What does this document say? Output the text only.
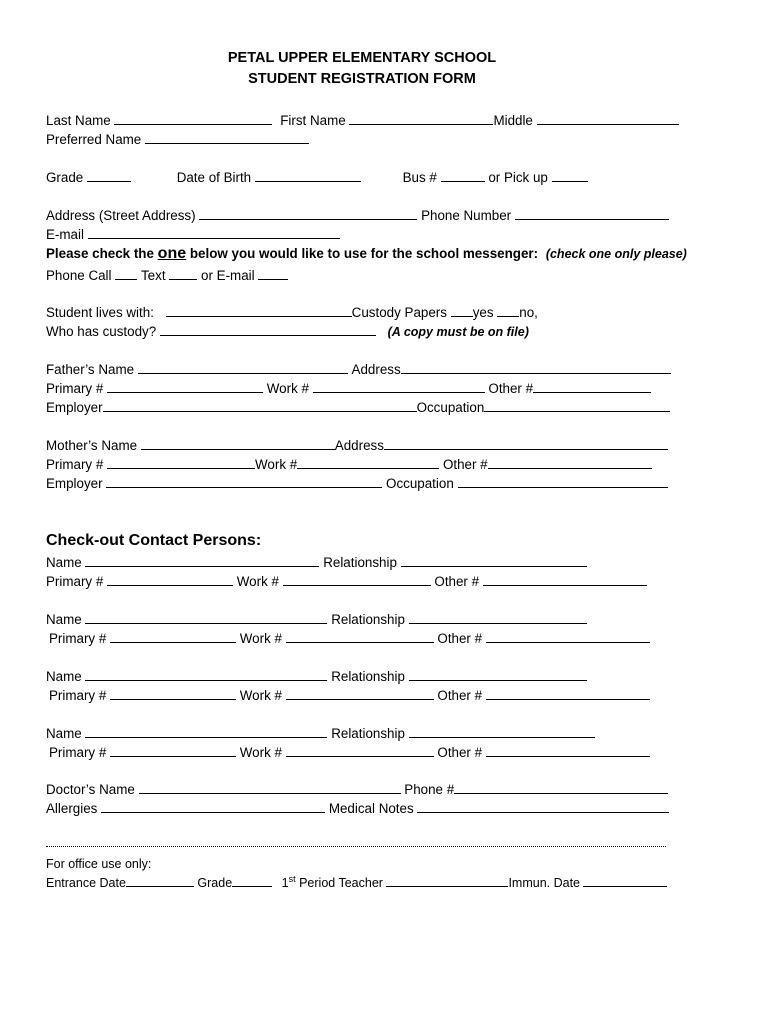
PETAL UPPER ELEMENTARY SCHOOL
STUDENT REGISTRATION FORM
Last Name	First Name	Middle
Preferred Name
Grade	Date of Birth	Bus #	or Pick up
Address (Street Address)	Phone Number
E-mail
Please check the one below you would like to use for the school messenger: (check one only please)
Phone Call Text	or E-mail
Student lives with:	Custody Papers yes no,
Who has custody?	(A copy must be on file)
Father’s Name	Address
Primary #	Work #	Other #
Employer	Occupation
Mother’s Name	Address
Primary #	Work #	Other #
Employer	Occupation
Check-out Contact Persons:
Name	Relationship
Primary #	Work #	Other #
Name	Relationship
Primary #	Work #	Other #
Name	Relationship
Primary #	Work #	Other #
Name	Relationship
Primary #	Work #	Other #
Doctor’s Name	Phone #
Allergies	Medical Notes
For office use only:
Entrance Date	Grade	1st Period Teacher	Immun. Date
